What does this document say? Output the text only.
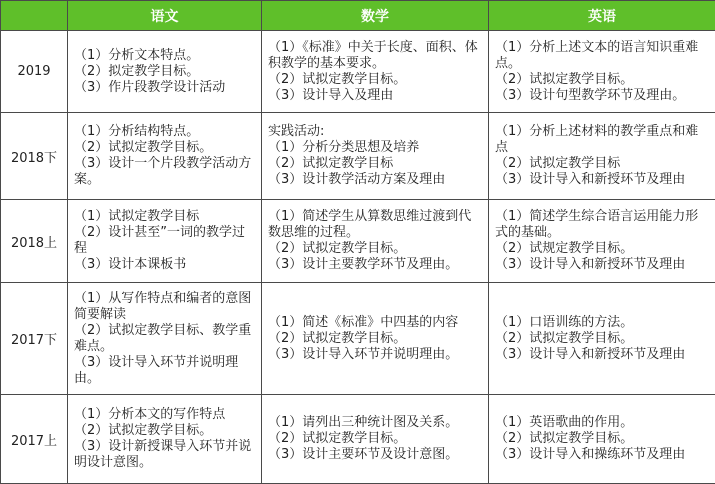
	语文	数学	英语
2019	（1）分析文本特点。
（2）拟定教学目标。
（3）作片段教学设计活动	（1）《标准》中关于长度、面积、体积教学的基本要求。
（2）试拟定教学目标。
（3）设计导入及理由	（1）分析上述文本的语言知识重难点。
（2）试拟定教学目标。
（3）设计句型教学环节及理由。

2018下	（1）分析结构特点。
（2）试拟定教学目标。
（3）设计一个片段教学活动方案。	实践活动:
（1）分析分类思想及培养
（2）试拟定教学目标
（3）设计教学活动方案及理由	（1）分析上述材料的教学重点和难点
（2）试拟定教学目标
（3）设计导入和新授环节及理由

2018上	（1）试拟定教学目标
（2）设计甚至”一词的教学过程
（3）设计本课板书	（1）简述学生从算数思维过渡到代数思维的过程。
（2）试拟定教学目标。
（3）设计主要教学环节及理由。	（1）简述学生综合语言运用能力形式的基础。
（2）试规定教学目标。
（3）设计导入和新授环节及理由

2017下	（1）从写作特点和编者的意图简要解读
（2）试拟定教学目标、教学重难点。
（3）设计导入环节并说明理由。	（1）简述《标准》中四基的内容
（2）试拟定教学目标。
（3）设计导入环节并说明理由。	（1）口语训练的方法。
（2）试拟定教学目标。
（3）设计导入和新授环节及理由

2017上	（1）分析本文的写作特点
（2）试拟定教学目标。
（3）设计新授课导入环节并说明设计意图。	（1）请列出三种统计图及关系。
（2）试拟定教学目标。
（3）设计主要环节及设计意图。	（1）英语歌曲的作用。
（2）试拟定教学目标。
（3）设计导入和操练环节及理由
